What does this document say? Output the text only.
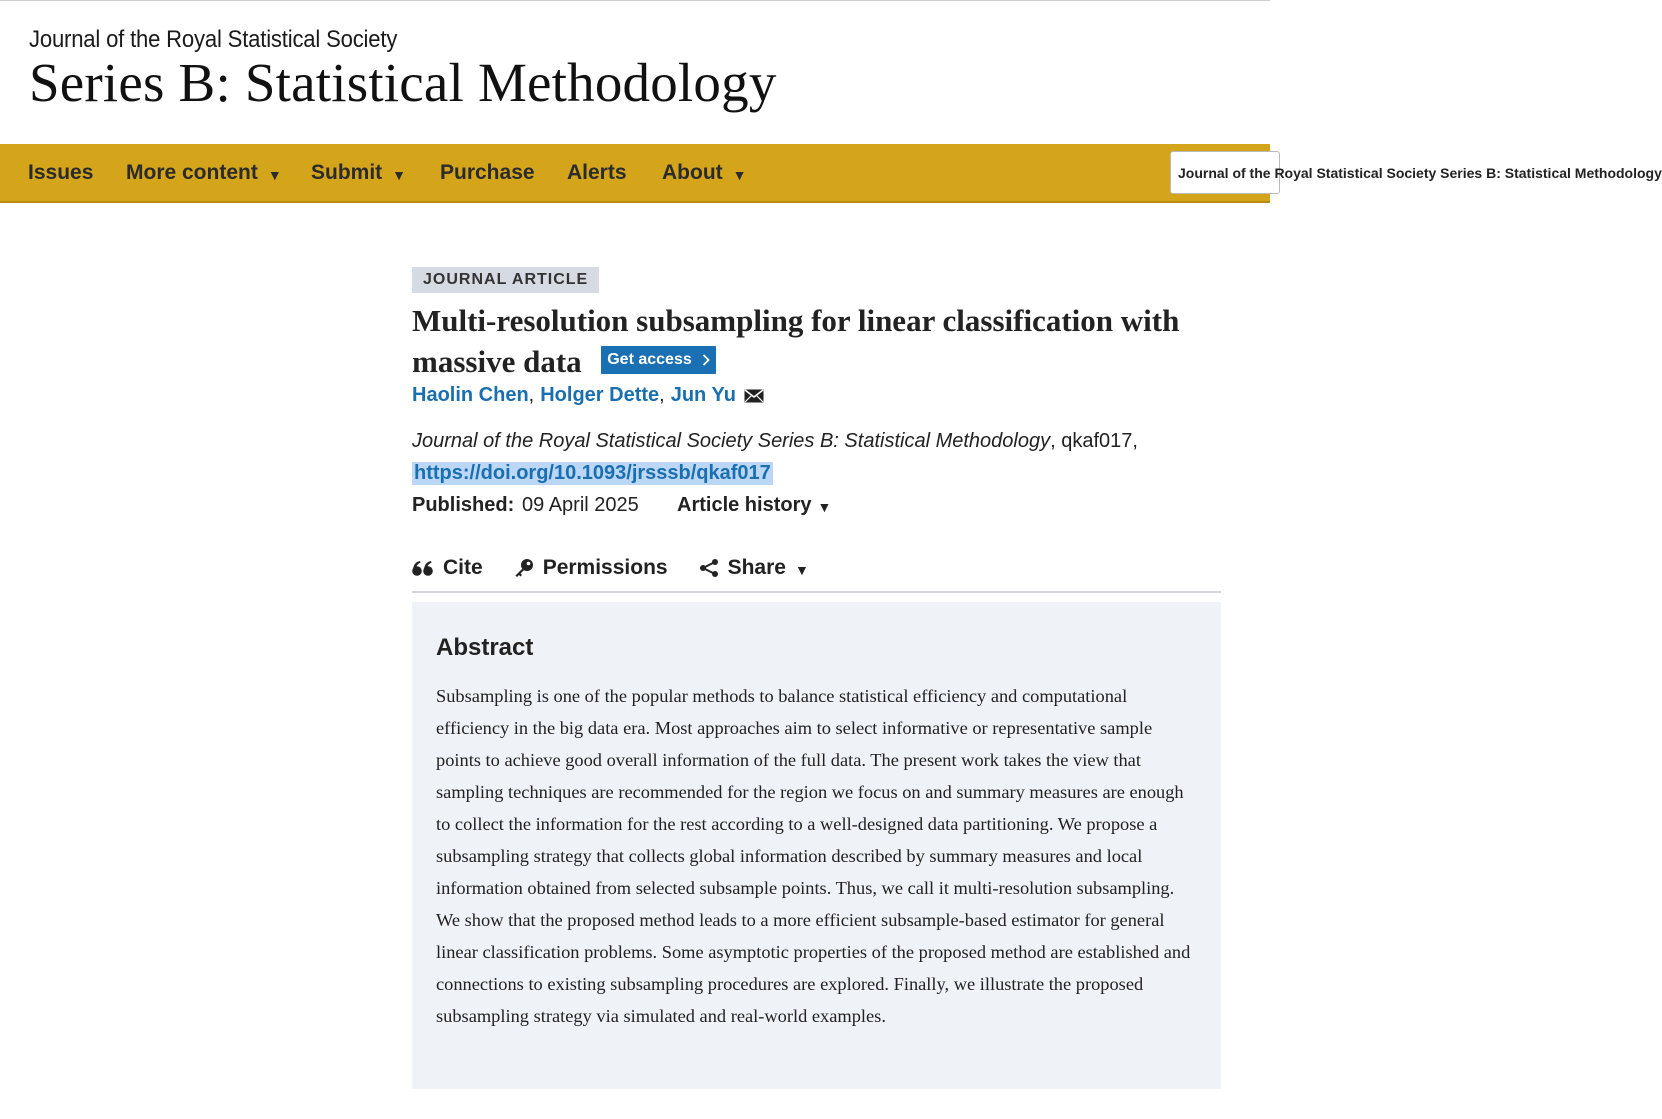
Journal of the Royal Statistical Society
Series B: Statistical Methodology
Issues More content ▼ Submit ▼ Purchase Alerts About ▼	Journal of the Royal Statistical Society Series B: Statistical Methodology
JOURNAL ARTICLE
Multi-resolution subsampling for linear classification with massive data	Get access
Haolin Chen , Holger Dette , Jun Yu
Journal of the Royal Statistical Society Series B: Statistical Methodology, qkaf017,
https://doi.org/10.1093/jrsssb/qkaf017
Published: 09 April 2025 Article history ▼
Cite	Permissions	Share ▼
Abstract

Subsampling is one of the popular methods to balance statistical efficiency and computational efficiency in the big data era. Most approaches aim to select informative or representative sample points to achieve good overall information of the full data. The present work takes the view that sampling techniques are recommended for the region we focus on and summary measures are enough to collect the information for the rest according to a well-designed data partitioning. We propose a subsampling strategy that collects global information described by summary measures and local information obtained from selected subsample points. Thus, we call it multi-resolution subsampling. We show that the proposed method leads to a more efficient subsample-based estimator for general linear classification problems. Some asymptotic properties of the proposed method are established and connections to existing subsampling procedures are explored. Finally, we illustrate the proposed subsampling strategy via simulated and real-world examples.
